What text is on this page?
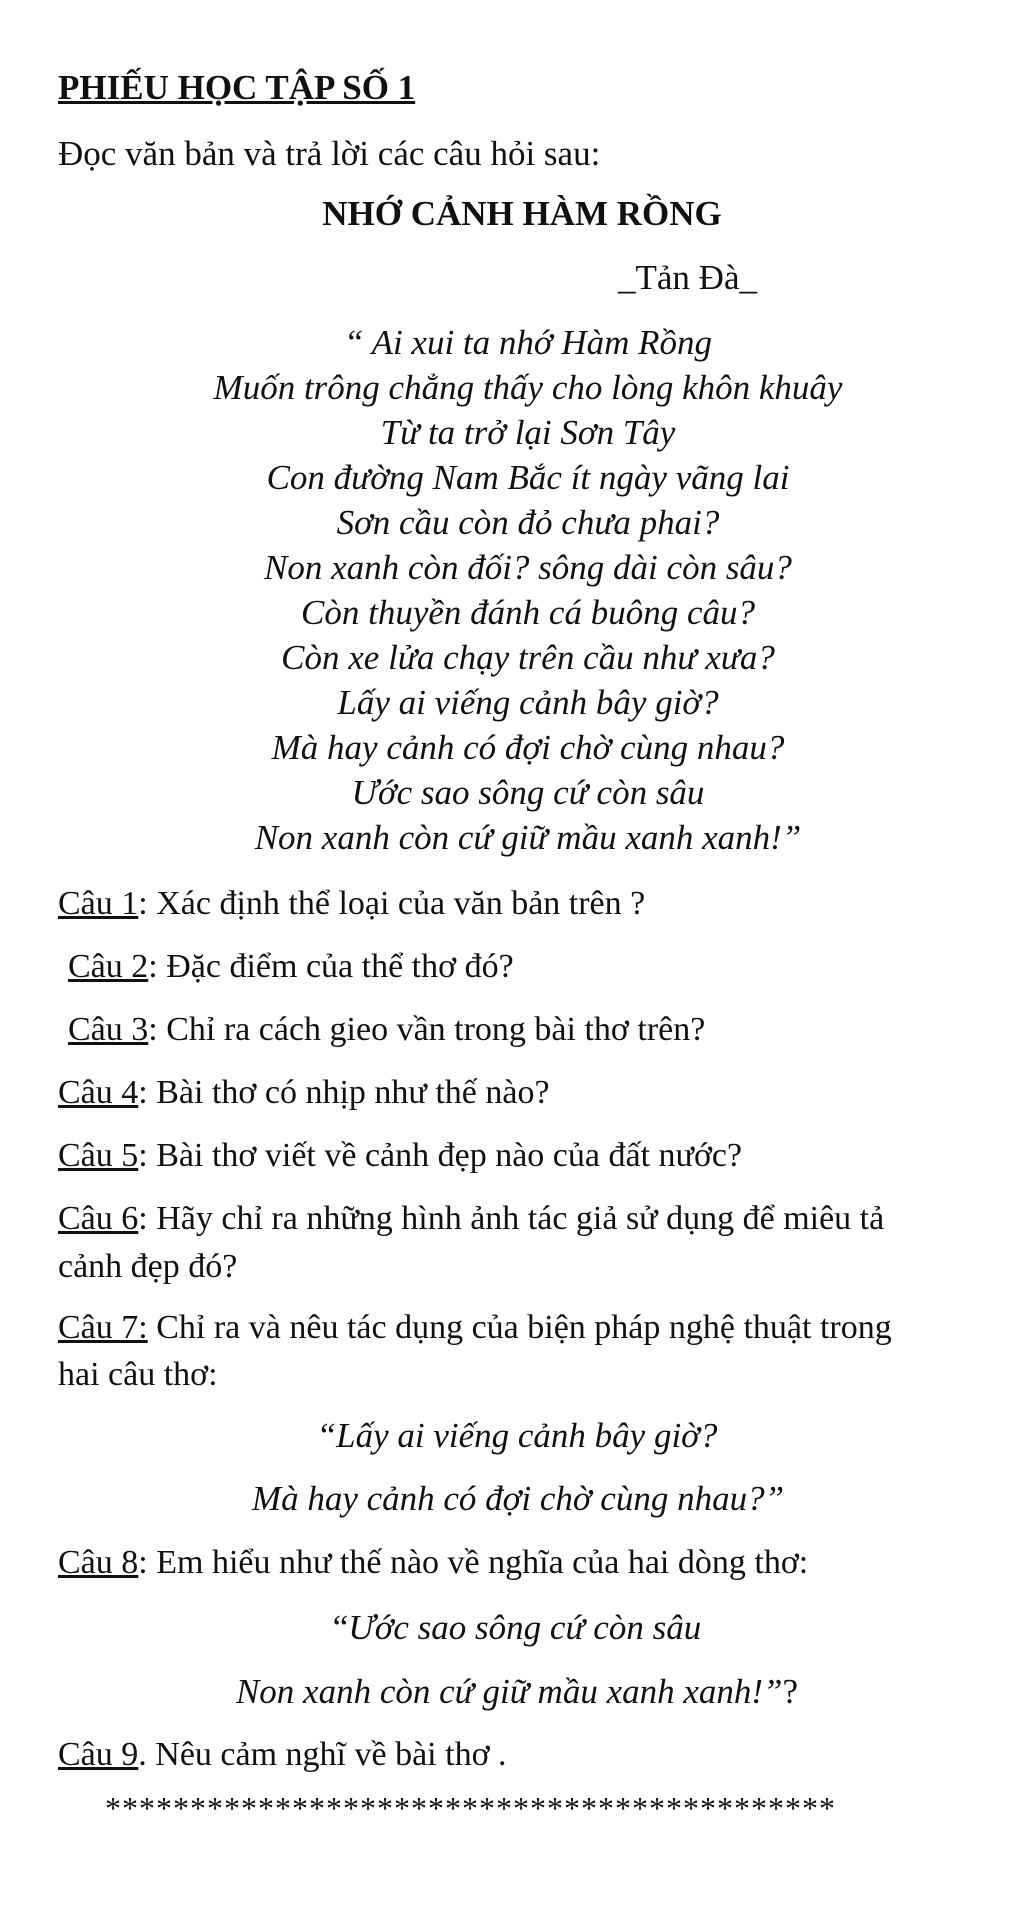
PHIẾU HỌC TẬP SỐ 1
Đọc văn bản và trả lời các câu hỏi sau:
NHỚ CẢNH HÀM RỒNG
_Tản Đà_
“ Ai xui ta nhớ Hàm Rồng
Muốn trông chẳng thấy cho lòng khôn khuây
Từ ta trở lại Sơn Tây
Con đường Nam Bắc ít ngày vãng lai
Sơn cầu còn đỏ chưa phai?
Non xanh còn đối? sông dài còn sâu?
Còn thuyền đánh cá buông câu?
Còn xe lửa chạy trên cầu như xưa?
Lấy ai viếng cảnh bây giờ?
Mà hay cảnh có đợi chờ cùng nhau?
Ước sao sông cứ còn sâu
Non xanh còn cứ giữ mầu xanh xanh!”
Câu 1: Xác định thể loại của văn bản trên ?
Câu 2: Đặc điểm của thể thơ đó?
Câu 3: Chỉ ra cách gieo vần trong bài thơ trên?
Câu 4: Bài thơ có nhịp như thế nào?
Câu 5: Bài thơ viết về cảnh đẹp nào của đất nước?
Câu 6: Hãy chỉ ra những hình ảnh tác giả sử dụng để miêu tả
cảnh đẹp đó?
Câu 7: Chỉ ra và nêu tác dụng của biện pháp nghệ thuật trong
hai câu thơ:
“Lấy ai viếng cảnh bây giờ?
Mà hay cảnh có đợi chờ cùng nhau?”
Câu 8: Em hiểu như thế nào về nghĩa của hai dòng thơ:
“Ước sao sông cứ còn sâu
Non xanh còn cứ giữ mầu xanh xanh!”?
Câu 9. Nêu cảm nghĩ về bài thơ .
*******************************************
